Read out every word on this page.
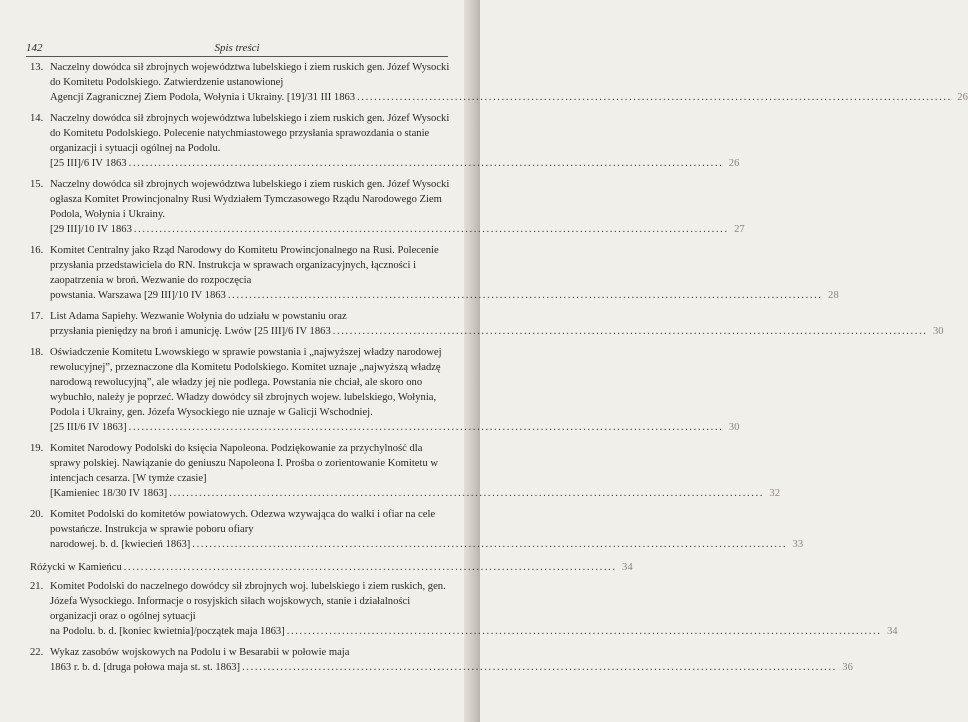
142	Spis treści
13. Naczelny dowódca sił zbrojnych województwa lubelskiego i ziem ruskich gen. Józef Wysocki do Komitetu Podolskiego. Zatwierdzenie ustanowionej
Agencji Zagranicznej Ziem Podola, Wołynia i Ukrainy. [19]/31 III 1863 ............................................................................................................................................ 26
14. Naczelny dowódca sił zbrojnych województwa lubelskiego i ziem ruskich gen. Józef Wysocki do Komitetu Podolskiego. Polecenie natychmiastowego przysłania sprawozdania o stanie organizacji i sytuacji ogólnej na Podolu.
[25 III]/6 IV 1863 ............................................................................................................................................ 26
15. Naczelny dowódca sił zbrojnych województwa lubelskiego i ziem ruskich gen. Józef Wysocki ogłasza Komitet Prowincjonalny Rusi Wydziałem Tymczasowego Rządu Narodowego Ziem Podola, Wołynia i Ukrainy.
[29 III]/10 IV 1863 ............................................................................................................................................ 27
16. Komitet Centralny jako Rząd Narodowy do Komitetu Prowincjonalnego na Rusi. Polecenie przysłania przedstawiciela do RN. Instrukcja w sprawach organizacyjnych, łączności i zaopatrzenia w broń. Wezwanie do rozpoczęcia
powstania. Warszawa [29 III]/10 IV 1863 ............................................................................................................................................ 28
17. List Adama Sapiehy. Wezwanie Wołynia do udziału w powstaniu oraz
przysłania pieniędzy na broń i amunicję. Lwów [25 III]/6 IV 1863 ............................................................................................................................................ 30
18. Oświadczenie Komitetu Lwowskiego w sprawie powstania i „najwyższej władzy narodowej rewolucyjnej”, przeznaczone dla Komitetu Podolskiego. Komitet uznaje „najwyższą władzę narodową rewolucyjną”, ale władzy jej nie podlega. Powstania nie chciał, ale skoro ono wybuchło, należy je poprzeć. Władzy dowódcy sił zbrojnych wojew. lubelskiego, Wołynia, Podola i Ukrainy, gen. Józefa Wysockiego nie uznaje w Galicji Wschodniej.
[25 III/6 IV 1863] ............................................................................................................................................ 30
19. Komitet Narodowy Podolski do księcia Napoleona. Podziękowanie za przychylność dla sprawy polskiej. Nawiązanie do geniuszu Napoleona I. Prośba o zorientowanie Komitetu w intencjach cesarza. [W tymże czasie]
[Kamieniec 18/30 IV 1863] ............................................................................................................................................ 32
20. Komitet Podolski do komitetów powiatowych. Odezwa wzywająca do walki i ofiar na cele powstańcze. Instrukcja w sprawie poboru ofiary
narodowej. b. d. [kwiecień 1863] ............................................................................................................................................ 33
Różycki w Kamieńcu .................................................................................................................... 34
21. Komitet Podolski do naczelnego dowódcy sił zbrojnych woj. lubelskiego i ziem ruskich, gen. Józefa Wysockiego. Informacje o rosyjskich siłach wojskowych, stanie i działalności organizacji oraz o ogólnej sytuacji
na Podolu. b. d. [koniec kwietnia]/początek maja 1863] ............................................................................................................................................ 34
22. Wykaz zasobów wojskowych na Podolu i w Besarabii w połowie maja
1863 r. b. d. [druga połowa maja st. st. 1863] ............................................................................................................................................ 36
